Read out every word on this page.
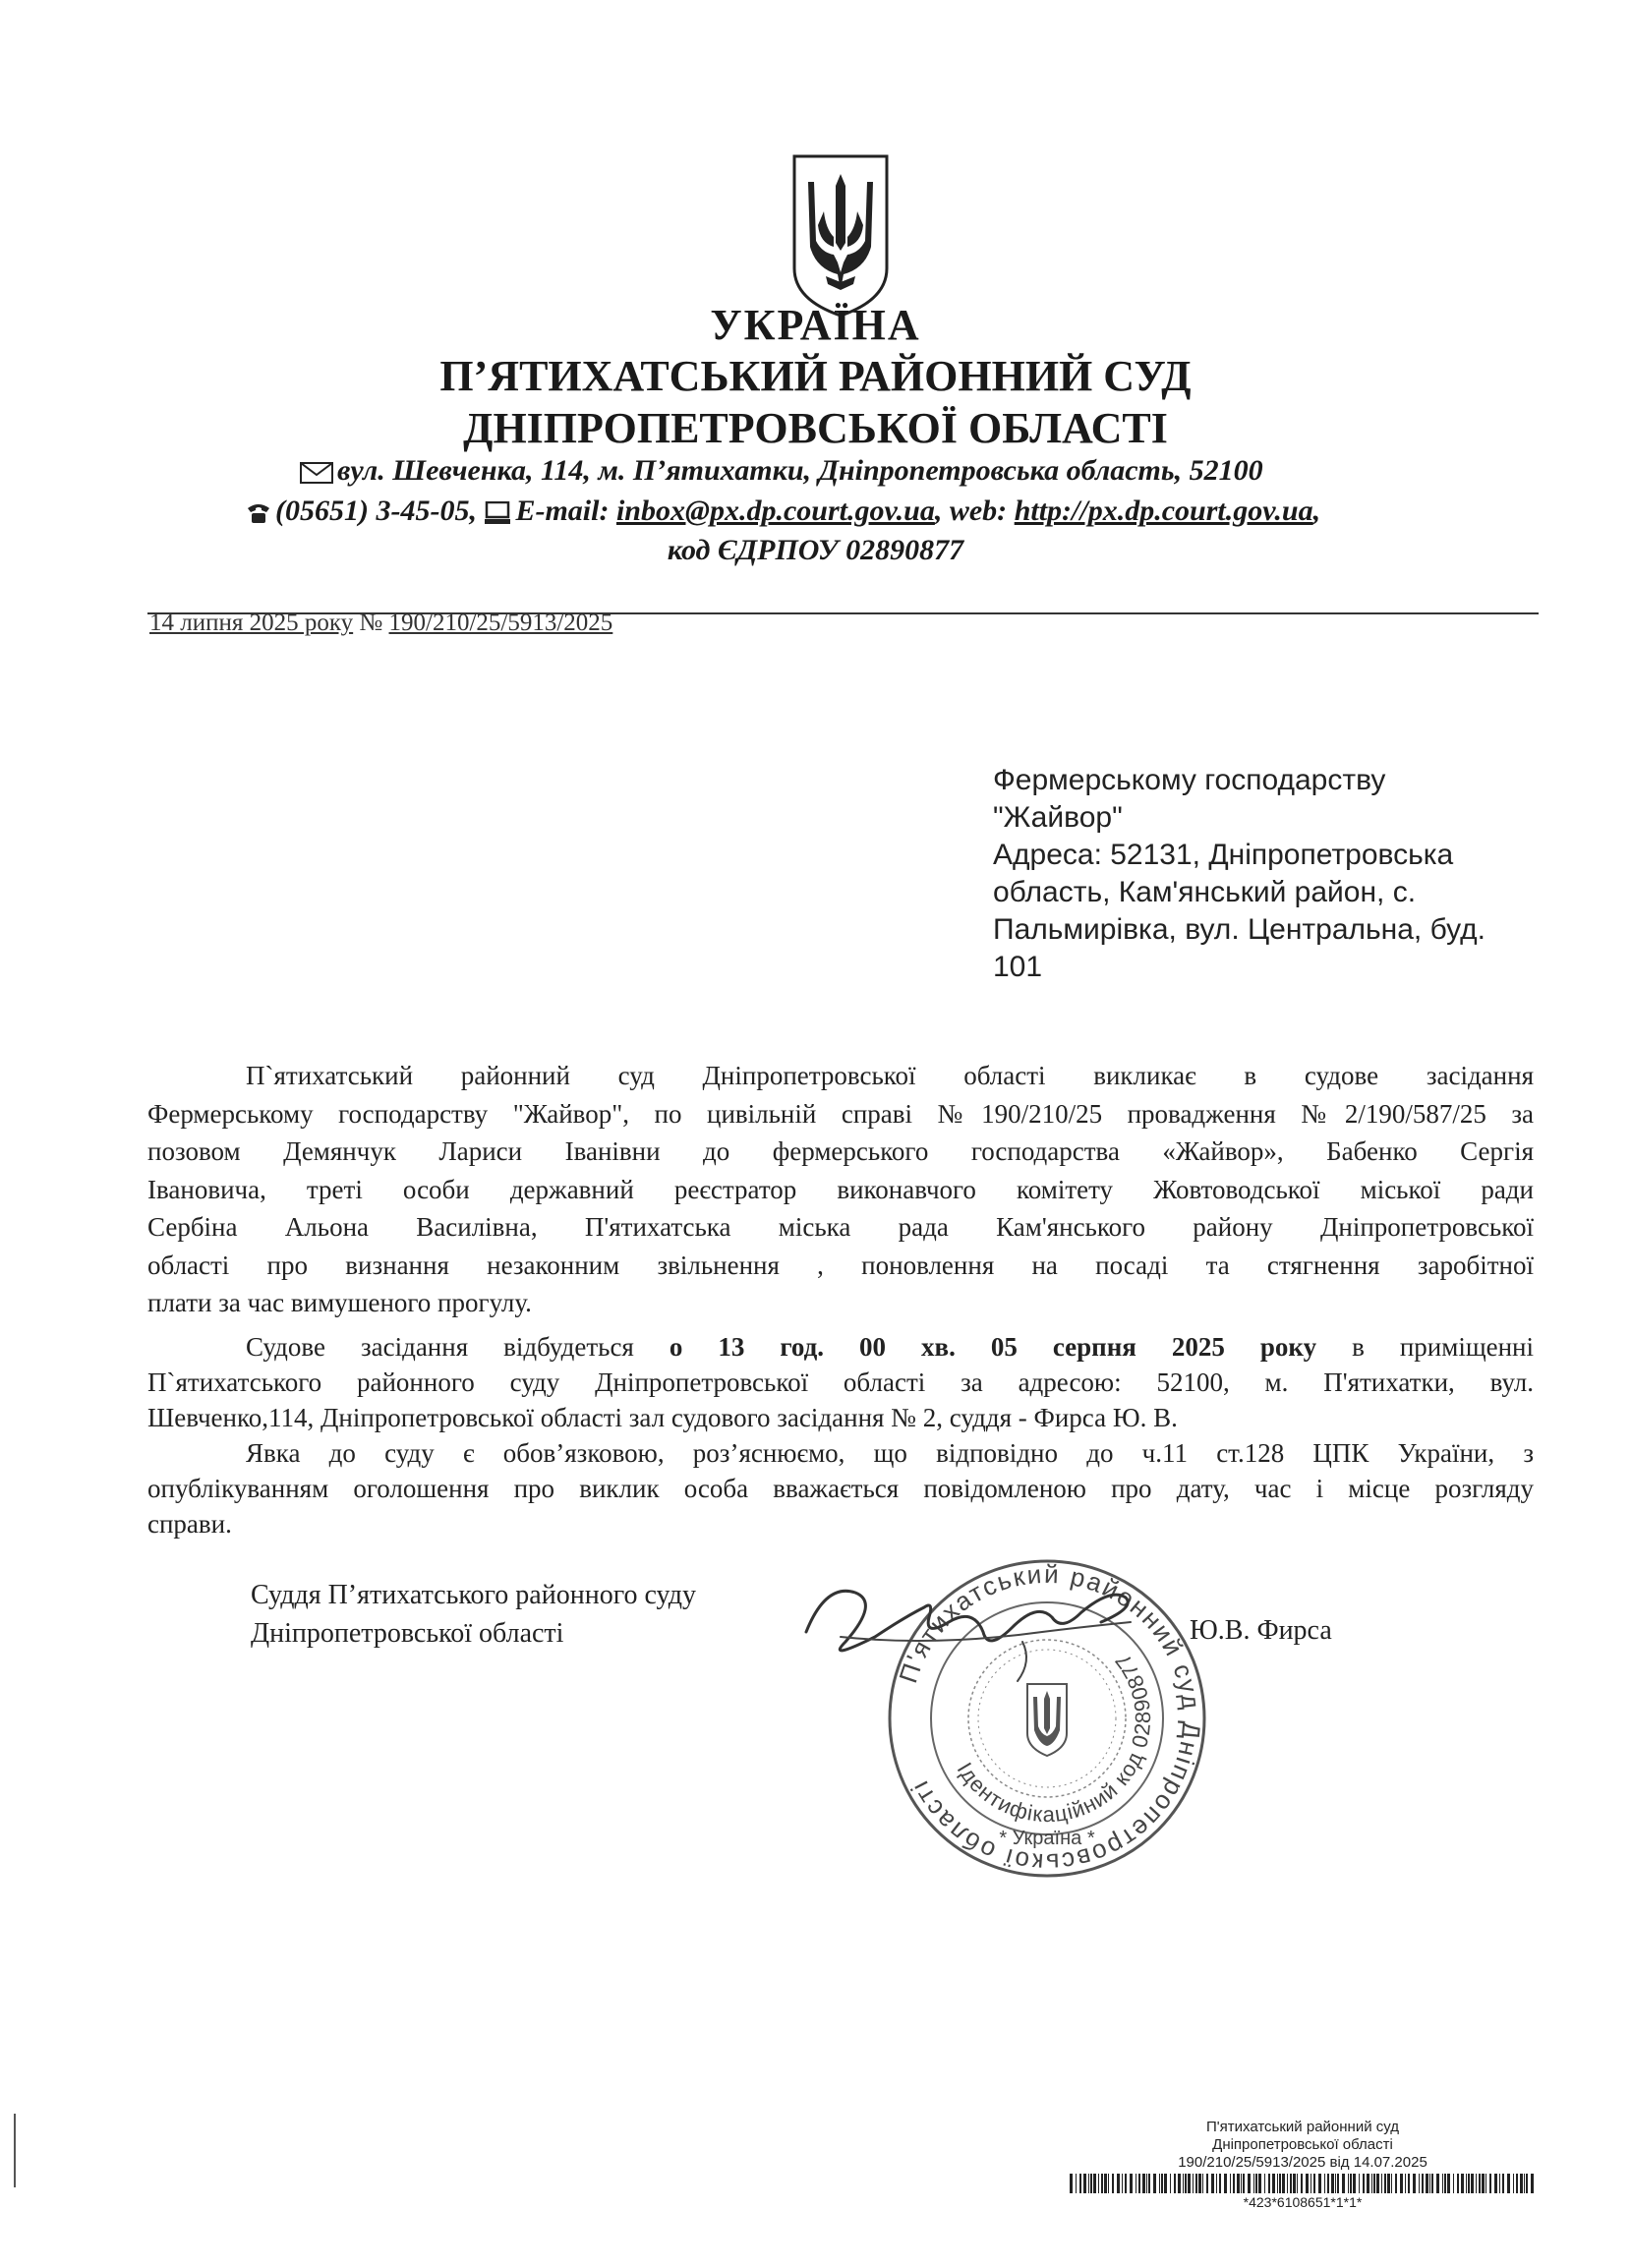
УКРАЇНА
П’ЯТИХАТСЬКИЙ РАЙОННИЙ СУД
ДНІПРОПЕТРОВСЬКОЇ ОБЛАСТІ
вул. Шевченка, 114, м. П’ятихатки, Дніпропетровська область, 52100
(05651) 3-45-05, E-mail: inbox@px.dp.court.gov.ua, web: http://px.dp.court.gov.ua,
код ЄДРПОУ 02890877
14 липня 2025 року № 190/210/25/5913/2025
Фермерському господарству
"Жайвор"
Адреса: 52131, Дніпропетровська
область, Кам'янський район, с.
Пальмирівка, вул. Центральна, буд.
101
П`ятихатський районний суд Дніпропетровської області викликає в судове засідання
Фермерському господарству "Жайвор", по цивільній справі №190/210/25 провадження №2/190/587/25 за
позовом Демянчук Лариси Іванівни до фермерського господарства «Жайвор», Бабенко Сергія
Івановича, треті особи державний реєстратор виконавчого комітету Жовтоводської міської ради
Сербіна Альона Василівна, П'ятихатська міська рада Кам'янського району Дніпропетровської
області про визнання незаконним звільнення , поновлення на посаді та стягнення заробітної
плати за час вимушеного прогулу.
Судове засідання відбудеться о 13 год. 00 хв. 05 серпня 2025 року в приміщенні
П`ятихатського районного суду Дніпропетровської області за адресою: 52100, м. П'ятихатки, вул.
Шевченко,114, Дніпропетровської області зал судового засідання № 2, суддя - Фирса Ю. В.
Явка до суду є обов’язковою, роз’яснюємо, що відповідно до ч.11 ст.128 ЦПК України, з
опублікуванням оголошення про виклик особа вважається повідомленою про дату, час і місце розгляду
справи.
Суддя П’ятихатського районного суду
Дніпропетровської області	Ю.В. Фирса
П'ятихатський районний суд Дніпропетровської області
Ідентифікаційний код 02890877
* Україна *
П'ятихатський районний суд
Дніпропетровської області
190/210/25/5913/2025 від 14.07.2025
*423*6108651*1*1*
